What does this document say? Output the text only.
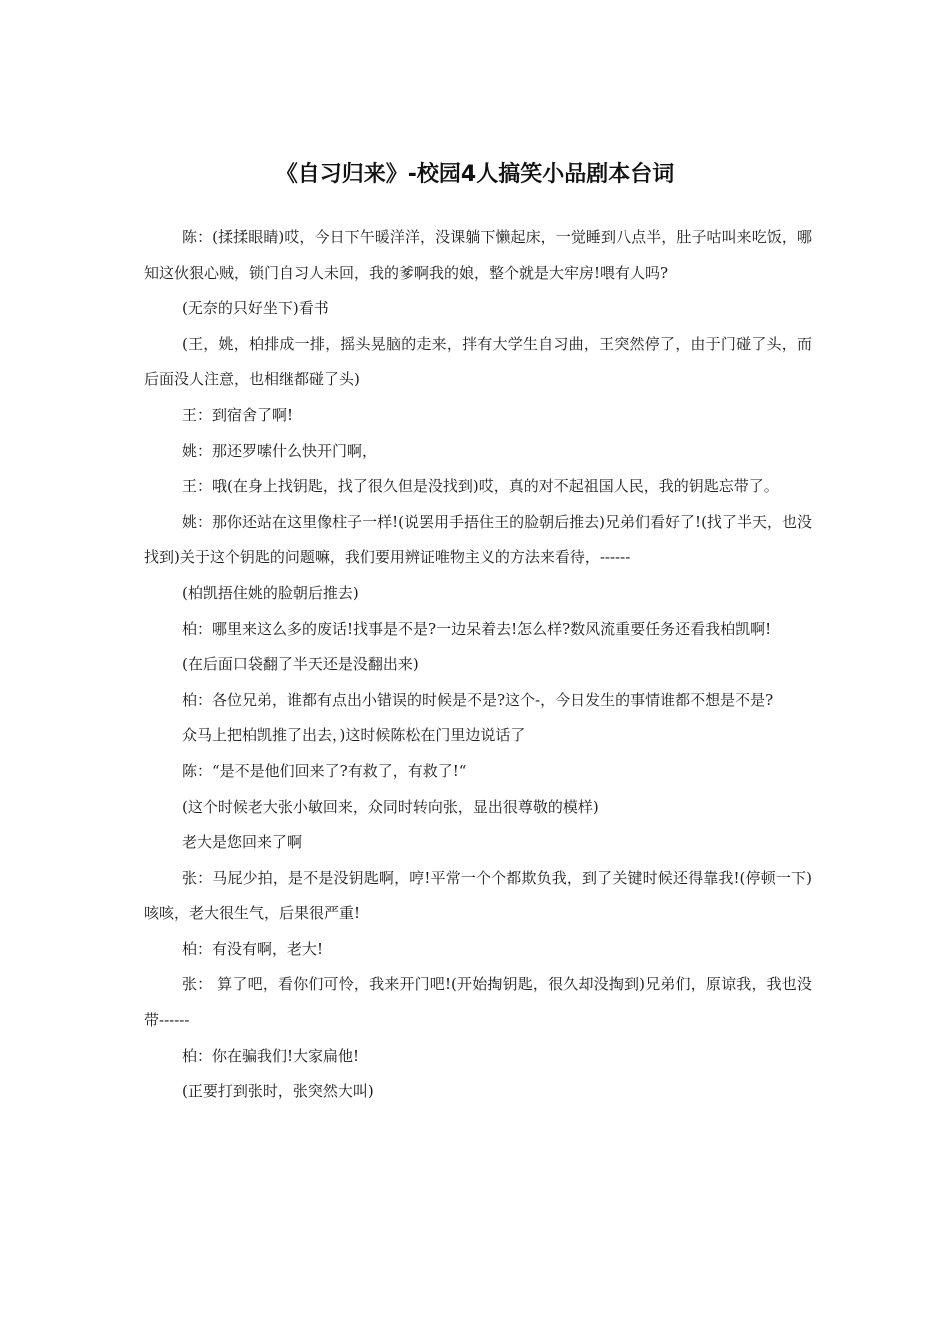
《自习归来》-校园4人搞笑小品剧本台词

陈：(揉揉眼睛)哎，今日下午暖洋洋，没课躺下懒起床，一觉睡到八点半，肚子咕叫来吃饭，哪知这伙狠心贼，锁门自习人未回，我的爹啊我的娘，整个就是大牢房!喂有人吗?

(无奈的只好坐下)看书

(王，姚，柏排成一排，摇头晃脑的走来，拌有大学生自习曲，王突然停了，由于门碰了头，而后面没人注意，也相继都碰了头)

王：到宿舍了啊!

姚：那还罗嗦什么快开门啊，

王：哦(在身上找钥匙，找了很久但是没找到)哎，真的对不起祖国人民，我的钥匙忘带了。

姚：那你还站在这里像柱子一样!(说罢用手捂住王的脸朝后推去)兄弟们看好了!(找了半天，也没找到)关于这个钥匙的问题嘛，我们要用辨证唯物主义的方法来看待，------

(柏凯捂住姚的脸朝后推去)

柏：哪里来这么多的废话!找事是不是?一边呆着去!怎么样?数风流重要任务还看我柏凯啊!

(在后面口袋翻了半天还是没翻出来)

柏：各位兄弟，谁都有点出小错误的时候是不是?这个-，今日发生的事情谁都不想是不是?

众马上把柏凯推了出去，)这时候陈松在门里边说话了

陈：“是不是他们回来了?有救了，有救了!“

(这个时候老大张小敏回来，众同时转向张，显出很尊敬的模样)

老大是您回来了啊

张：马屁少拍，是不是没钥匙啊，哼!平常一个个都欺负我，到了关键时候还得靠我!(停顿一下)咳咳，老大很生气，后果很严重!

柏：有没有啊，老大!

张： 算了吧，看你们可怜，我来开门吧!(开始掏钥匙，很久却没掏到)兄弟们，原谅我，我也没带------

柏：你在骗我们!大家扁他!

(正要打到张时，张突然大叫)
